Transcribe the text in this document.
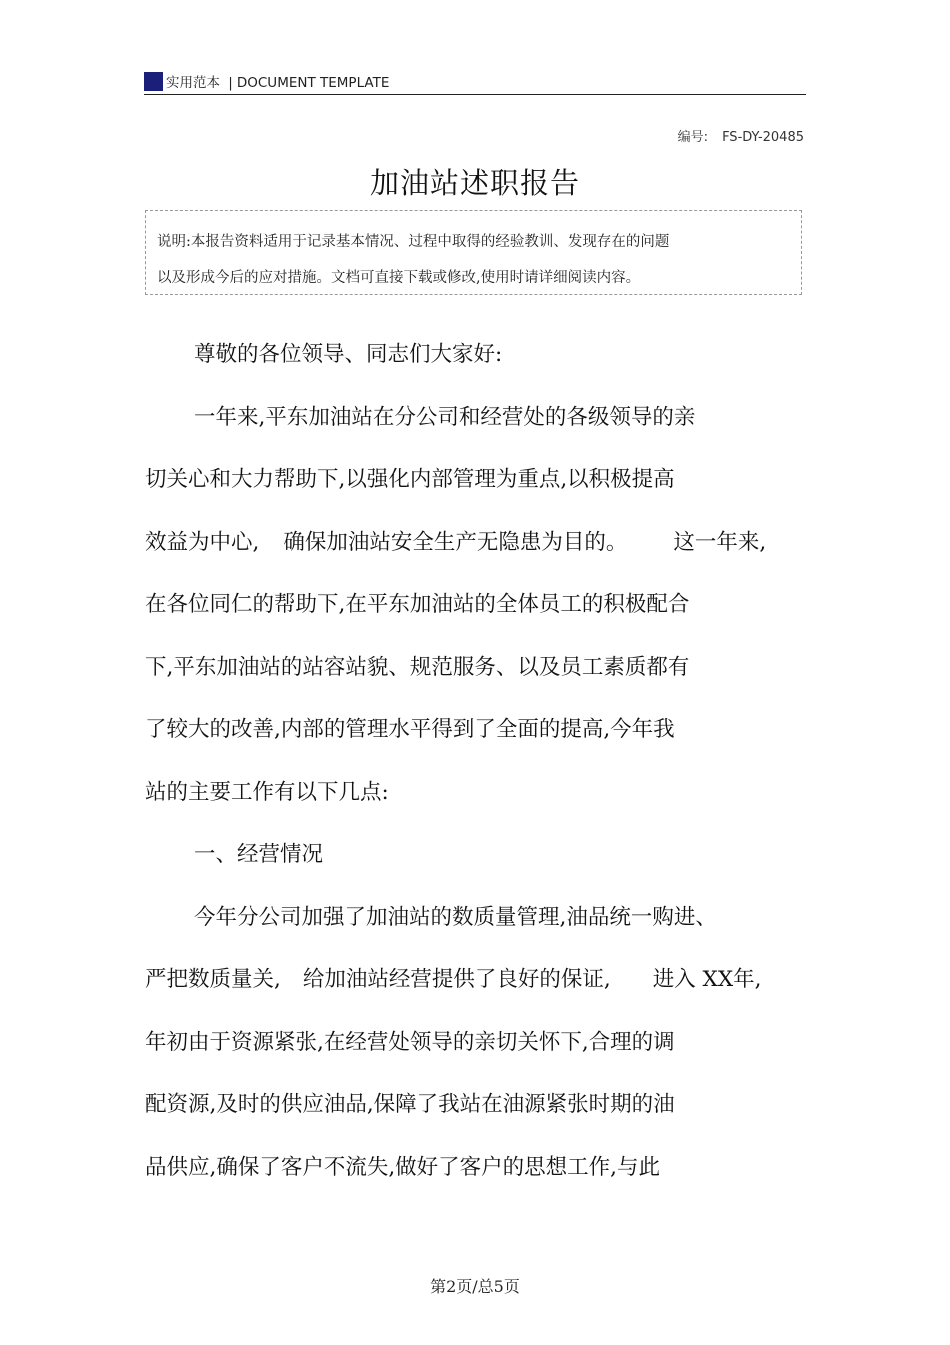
实用范本 | DOCUMENT TEMPLATE
编号: FS-DY-20485
加油站述职报告

说明:本报告资料适用于记录基本情况、过程中取得的经验教训、发现存在的问题

以及形成今后的应对措施。文档可直接下载或修改,使用时请详细阅读内容。

尊敬的各位领导、同志们大家好:

一年来,平东加油站在分公司和经营处的各级领导的亲

切关心和大力帮助下,以强化内部管理为重点,以积极提高

效益为中心, 确保加油站安全生产无隐患为目的。 这一年来,

在各位同仁的帮助下,在平东加油站的全体员工的积极配合

下,平东加油站的站容站貌、规范服务、以及员工素质都有

了较大的改善,内部的管理水平得到了全面的提高,今年我

站的主要工作有以下几点:

一、经营情况

今年分公司加强了加油站的数质量管理,油品统一购进、

严把数质量关, 给加油站经营提供了良好的保证, 进入 XX年,

年初由于资源紧张,在经营处领导的亲切关怀下,合理的调

配资源,及时的供应油品,保障了我站在油源紧张时期的油

品供应,确保了客户不流失,做好了客户的思想工作,与此

第2页/总5页
